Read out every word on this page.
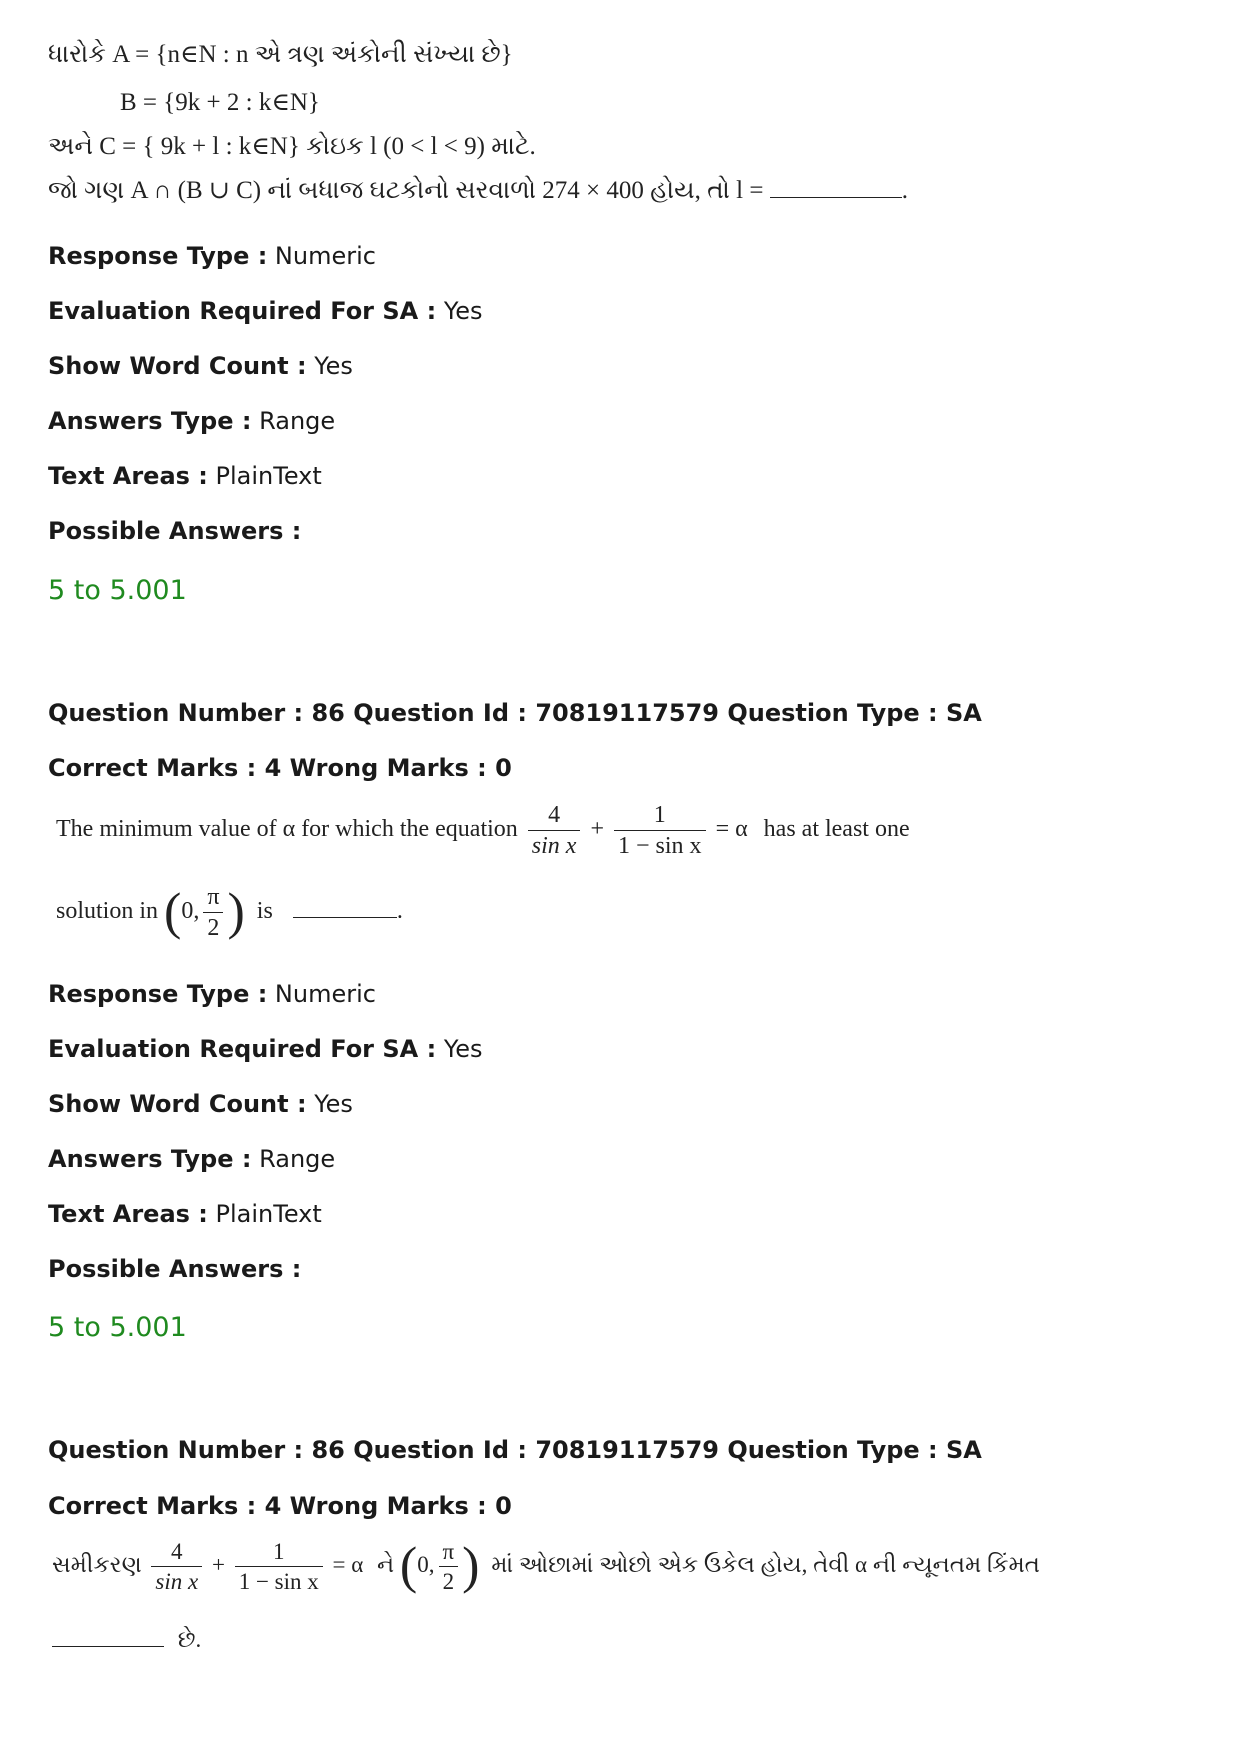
ધારોકે A = {n∈N : n એ ત્રણ અંકોની સંખ્યા છે}
B = {9k + 2 : k∈N}
અને C = { 9k + l : k∈N} કોઇક l (0 < l < 9) માટે.
જો ગણ A ∩ (B ∪ C) નાં બધાજ ઘટકોનો સરવાળો 274 × 400 હોય, તો l =	.
Response Type : Numeric
Evaluation Required For SA : Yes
Show Word Count : Yes
Answers Type : Range
Text Areas : PlainText
Possible Answers :
5 to 5.001
Question Number : 86 Question Id : 70819117579 Question Type : SA
Correct Marks : 4 Wrong Marks : 0
The minimum value of α for which the equation $\frac{4}{\text{sin x}} + \frac{1}{\text{1 − sin x}} = \alpha$ has at least one
solution in (0, $\frac{\pi}{2}$ ) is	.
Response Type : Numeric
Evaluation Required For SA : Yes
Show Word Count : Yes
Answers Type : Range
Text Areas : PlainText
Possible Answers :
5 to 5.001
Question Number : 86 Question Id : 70819117579 Question Type : SA
Correct Marks : 4 Wrong Marks : 0
સમીકરણ $\frac{4}{\text{sin x}} + \frac{1}{\text{1 − sin x}} = \alpha$ ને (0, $\frac{\pi}{2}$ ) માં ઓછામાં ઓછો એક ઉકેલ હોય, તેવી α ની ન્યૂનતમ કિંમત
છે.
